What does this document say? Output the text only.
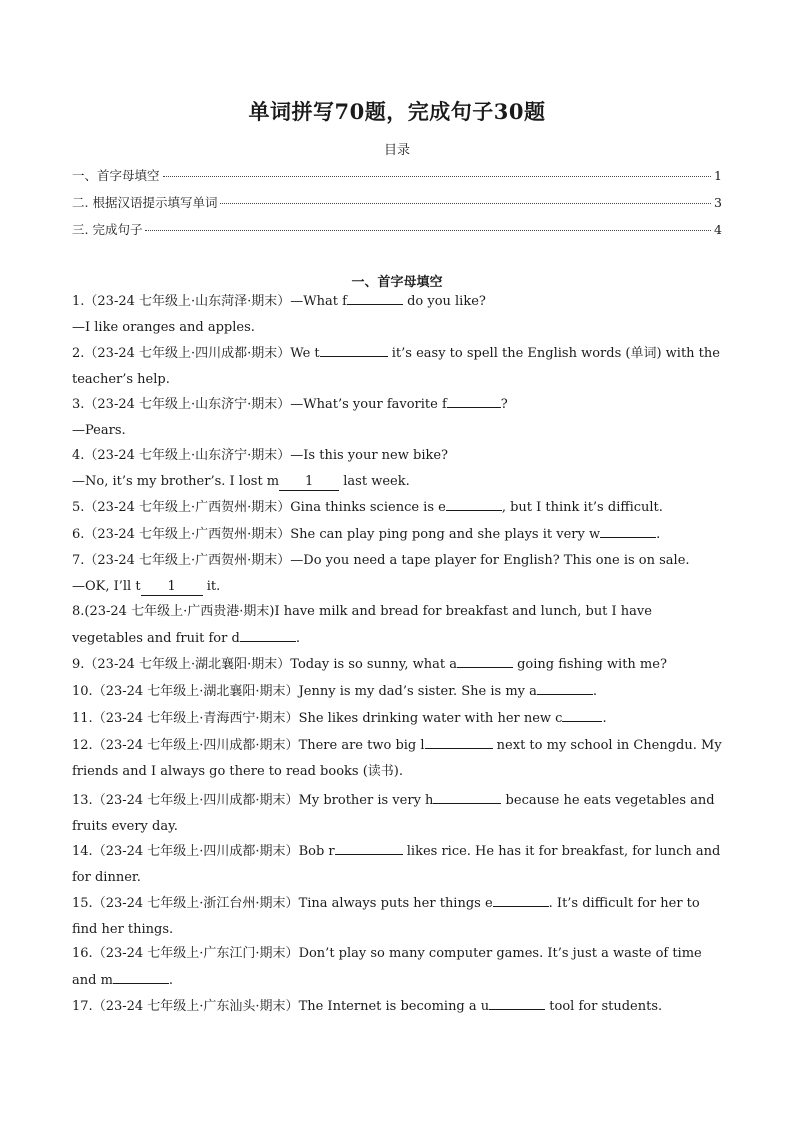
单词拼写70题，完成句子30题
目录
一、首字母填空	1
二. 根据汉语提示填写单词	3
三. 完成句子	4
一、首字母填空
1.（23-24 七年级上·山东菏泽·期末）—What f	do you like?
—I like oranges and apples.
2.（23-24 七年级上·四川成都·期末）We t	it’s easy to spell the English words (单词) with the teacher’s help.
3.（23-24 七年级上·山东济宁·期末）—What’s your favorite f	?
—Pears.
4.（23-24 七年级上·山东济宁·期末）—Is this your new bike?
—No, it’s my brother’s. I lost m 1 last week.
5.（23-24 七年级上·广西贺州·期末）Gina thinks science is e	, but I think it’s difficult.
6.（23-24 七年级上·广西贺州·期末）She can play ping pong and she plays it very w	.
7.（23-24 七年级上·广西贺州·期末）—Do you need a tape player for English? This one is on sale.
—OK, I’ll t 1 it.
8.(23-24 七年级上·广西贵港·期末)I have milk and bread for breakfast and lunch, but I have vegetables and fruit for d	.
9.（23-24 七年级上·湖北襄阳·期末）Today is so sunny, what a	going fishing with me?
10.（23-24 七年级上·湖北襄阳·期末）Jenny is my dad’s sister. She is my a	.
11.（23-24 七年级上·青海西宁·期末）She likes drinking water with her new c	.
12.（23-24 七年级上·四川成都·期末）There are two big l	next to my school in Chengdu. My friends and I always go there to read books (读书).
13.（23-24 七年级上·四川成都·期末）My brother is very h	because he eats vegetables and fruits every day.
14.（23-24 七年级上·四川成都·期末）Bob r	likes rice. He has it for breakfast, for lunch and for dinner.
15.（23-24 七年级上·浙江台州·期末）Tina always puts her things e	. It’s difficult for her to find her things.
16.（23-24 七年级上·广东江门·期末）Don’t play so many computer games. It’s just a waste of time and m	.
17.（23-24 七年级上·广东汕头·期末）The Internet is becoming a u	tool for students.
